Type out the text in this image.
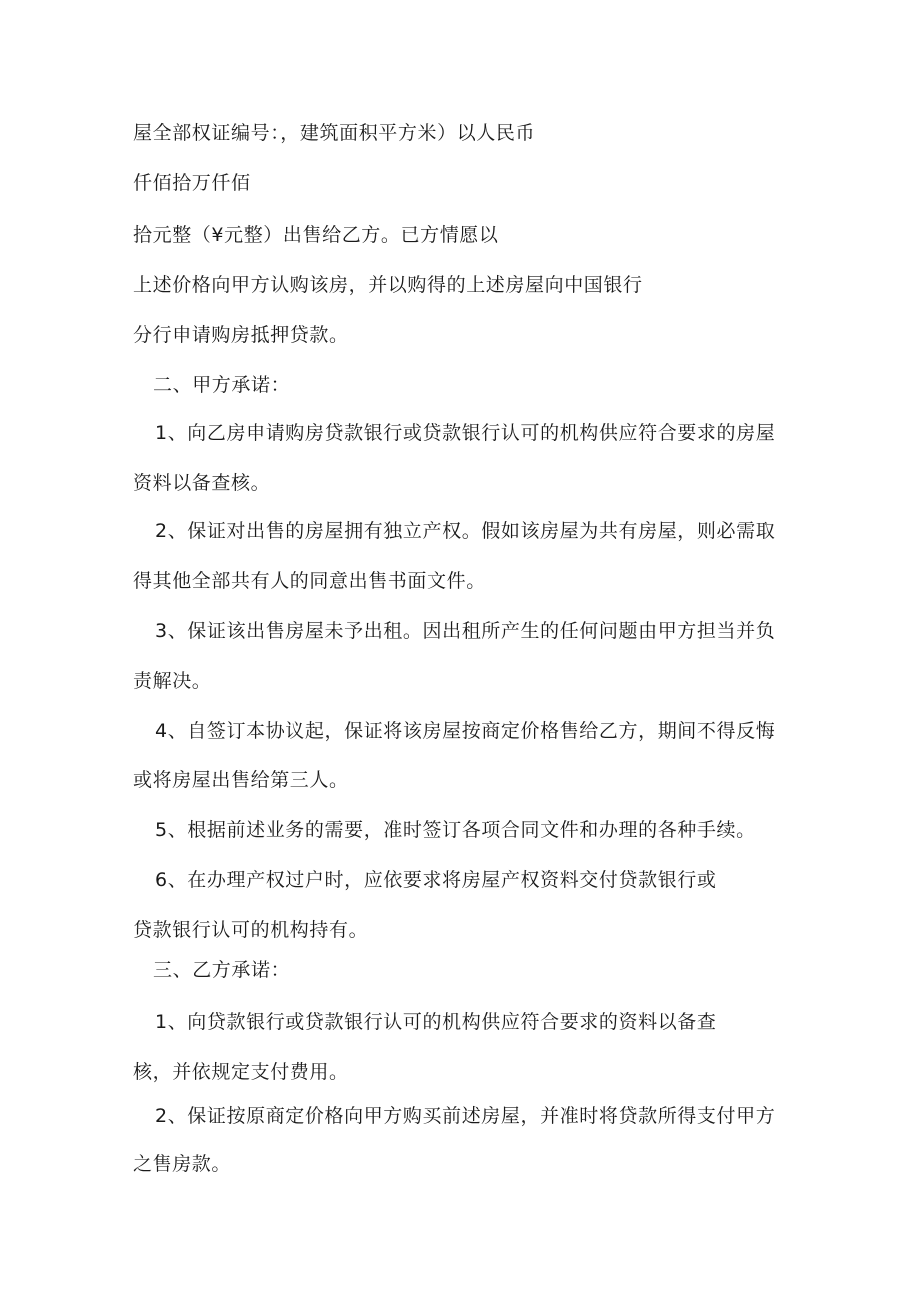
屋全部权证编号：，建筑面积平方米）以人民币
仟佰拾万仟佰
拾元整（¥元整）出售给乙方。已方情愿以
上述价格向甲方认购该房，并以购得的上述房屋向中国银行
分行申请购房抵押贷款。
二、甲方承诺：
1、向乙房申请购房贷款银行或贷款银行认可的机构供应符合要求的房屋
资料以备查核。
2、保证对出售的房屋拥有独立产权。假如该房屋为共有房屋，则必需取
得其他全部共有人的同意出售书面文件。
3、保证该出售房屋未予出租。因出租所产生的任何问题由甲方担当并负
责解决。
4、自签订本协议起，保证将该房屋按商定价格售给乙方，期间不得反悔
或将房屋出售给第三人。
5、根据前述业务的需要，准时签订各项合同文件和办理的各种手续。
6、在办理产权过户时，应依要求将房屋产权资料交付贷款银行或
贷款银行认可的机构持有。
三、乙方承诺：
1、向贷款银行或贷款银行认可的机构供应符合要求的资料以备查
核，并依规定支付费用。
2、保证按原商定价格向甲方购买前述房屋，并准时将贷款所得支付甲方
之售房款。
